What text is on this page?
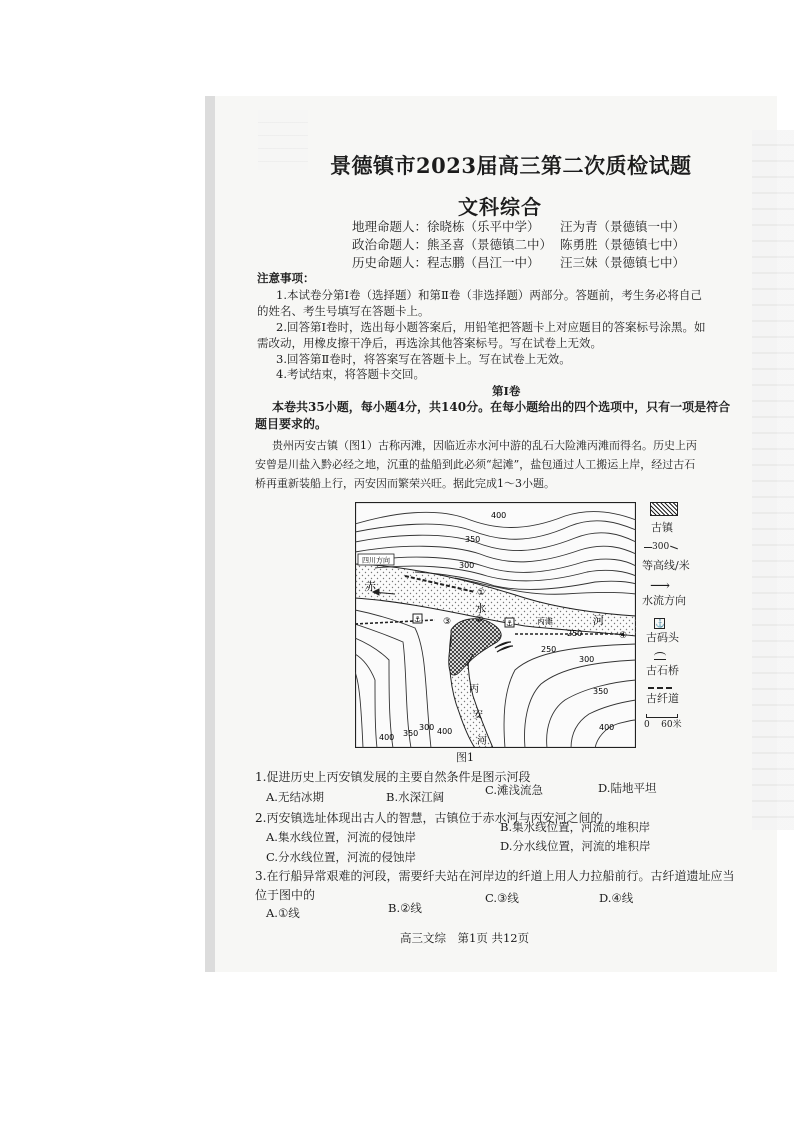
景德镇市2023届高三第二次质检试题
文科综合
地理命题人： 徐晓栋（乐平中学） 汪为青（景德镇一中）
政治命题人： 熊圣喜（景德镇二中） 陈勇胜（景德镇七中）
历史命题人： 程志鹏（昌江一中） 汪三妹（景德镇七中）
注意事项：
1.本试卷分第Ⅰ卷（选择题）和第Ⅱ卷（非选择题）两部分。答题前，考生务必将自己
的姓名、考生号填写在答题卡上。
2.回答第Ⅰ卷时，选出每小题答案后，用铅笔把答题卡上对应题目的答案标号涂黑。如
需改动，用橡皮擦干净后，再选涂其他答案标号。写在试卷上无效。
3.回答第Ⅱ卷时，将答案写在答题卡上。写在试卷上无效。
4.考试结束，将答题卡交回。
第Ⅰ卷
本卷共35小题，每小题4分，共140分。在每小题给出的四个选项中，只有一项是符合
题目要求的。
贵州丙安古镇（图1）古称丙滩，因临近赤水河中游的乱石大险滩丙滩而得名。历史上丙
安曾是川盐入黔必经之地，沉重的盐船到此必须“起滩”，盐包通过人工搬运上岸，经过古石
桥再重新装船上行，丙安因而繁荣兴旺。据此完成1～3小题。
⚓	⚓
四川方向
赤
水
河
丙
安
河
丙滩
①
②
③
④
400
350
300
250
250
300
350
400
400 350
300 400
古镇
300
等高线/米
⟶
水流方向
⚓
古码头
古石桥
古纤道
0    60米
图1
1.促进历史上丙安镇发展的主要自然条件是图示河段
A.无结冰期	B.水深江阔	C.滩浅流急	D.陆地平坦
2.丙安镇选址体现出古人的智慧，古镇位于赤水河与丙安河之间的
A.集水线位置，河流的侵蚀岸
B.集水线位置，河流的堆积岸
C.分水线位置，河流的侵蚀岸
D.分水线位置，河流的堆积岸
3.在行船异常艰难的河段，需要纤夫站在河岸边的纤道上用人力拉船前行。古纤道遗址应当
位于图中的
A.①线	B.②线
C.③线	D.④线
高三文综　第1页 共12页
